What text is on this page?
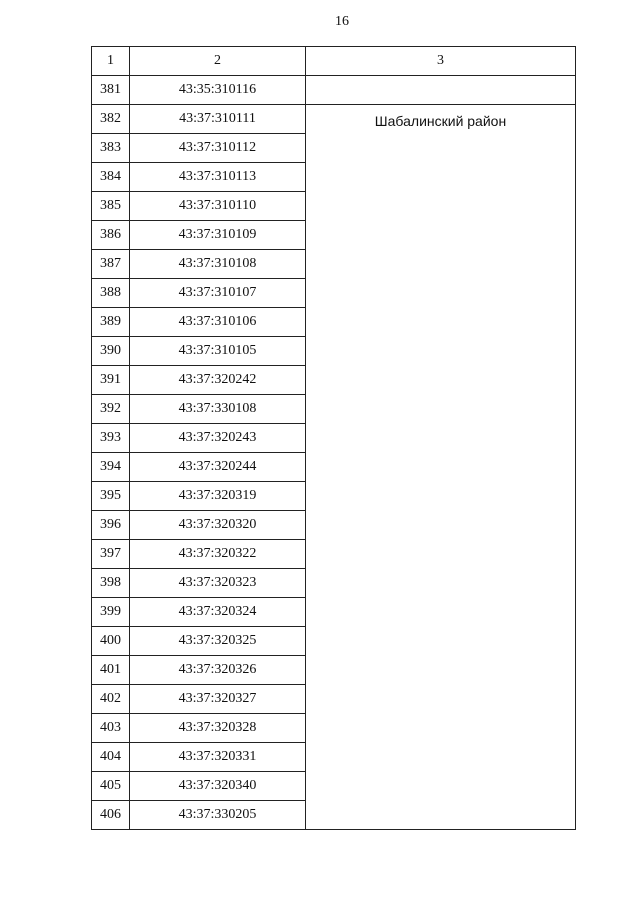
16
1	2	3
381	43:35:310116	
382	43:37:310111	Шабалинский район
383	43:37:310112	
384	43:37:310113	
385	43:37:310110	
386	43:37:310109	
387	43:37:310108	
388	43:37:310107	
389	43:37:310106	
390	43:37:310105	
391	43:37:320242	
392	43:37:330108	
393	43:37:320243	
394	43:37:320244	
395	43:37:320319	
396	43:37:320320	
397	43:37:320322	
398	43:37:320323	
399	43:37:320324	
400	43:37:320325	
401	43:37:320326	
402	43:37:320327	
403	43:37:320328	
404	43:37:320331	
405	43:37:320340	
406	43:37:330205	
